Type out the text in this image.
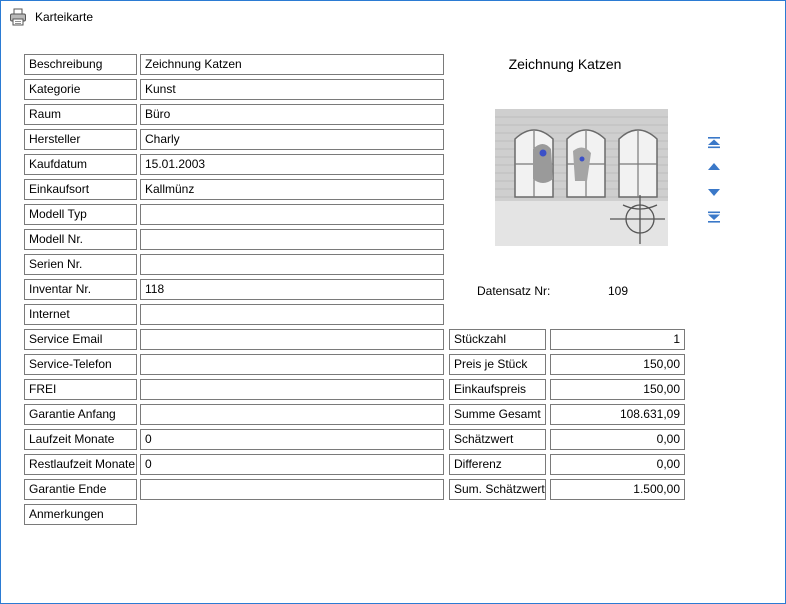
Karteikarte
Beschreibung	Zeichnung Katzen
Kategorie	Kunst
Raum	Büro
Hersteller	Charly
Kaufdatum	15.01.2003
Einkaufsort	Kallmünz
Modell Typ
Modell Nr.
Serien Nr.
Inventar Nr.	118
Internet
Service Email
Service-Telefon
FREI
Garantie Anfang
Laufzeit Monate	0
Restlaufzeit Monate 0
Garantie Ende
Anmerkungen
Zeichnung Katzen
Datensatz Nr:	109
Stückzahl	1
Preis je Stück	150,00
Einkaufspreis	150,00
Summe Gesamt	108.631,09
Schätzwert	0,00
Differenz	0,00
Sum. Schätzwert	1.500,00
